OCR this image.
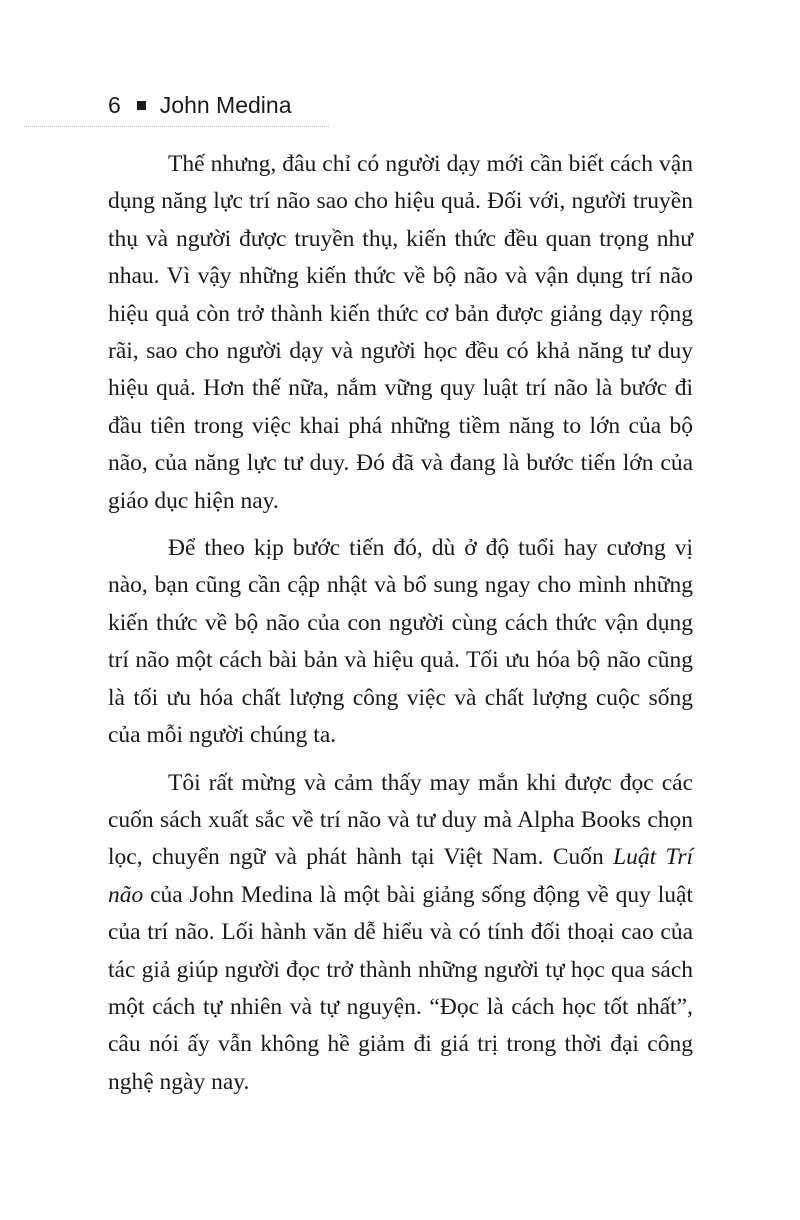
6 John Medina

Thế nhưng, đâu chỉ có người dạy mới cần biết cách vận dụng năng lực trí não sao cho hiệu quả. Đối với, người truyền thụ và người được truyền thụ, kiến thức đều quan trọng như nhau. Vì vậy những kiến thức về bộ não và vận dụng trí não hiệu quả còn trở thành kiến thức cơ bản được giảng dạy rộng rãi, sao cho người dạy và người học đều có khả năng tư duy hiệu quả. Hơn thế nữa, nắm vững quy luật trí não là bước đi đầu tiên trong việc khai phá những tiềm năng to lớn của bộ não, của năng lực tư duy. Đó đã và đang là bước tiến lớn của giáo dục hiện nay.

Để theo kịp bước tiến đó, dù ở độ tuổi hay cương vị nào, bạn cũng cần cập nhật và bổ sung ngay cho mình những kiến thức về bộ não của con người cùng cách thức vận dụng trí não một cách bài bản và hiệu quả. Tối ưu hóa bộ não cũng là tối ưu hóa chất lượng công việc và chất lượng cuộc sống của mỗi người chúng ta.

Tôi rất mừng và cảm thấy may mắn khi được đọc các cuốn sách xuất sắc về trí não và tư duy mà Alpha Books chọn lọc, chuyển ngữ và phát hành tại Việt Nam. Cuốn Luật Trí não của John Medina là một bài giảng sống động về quy luật của trí não. Lối hành văn dễ hiểu và có tính đối thoại cao của tác giả giúp người đọc trở thành những người tự học qua sách một cách tự nhiên và tự nguyện. “Đọc là cách học tốt nhất”, câu nói ấy vẫn không hề giảm đi giá trị trong thời đại công nghệ ngày nay.
